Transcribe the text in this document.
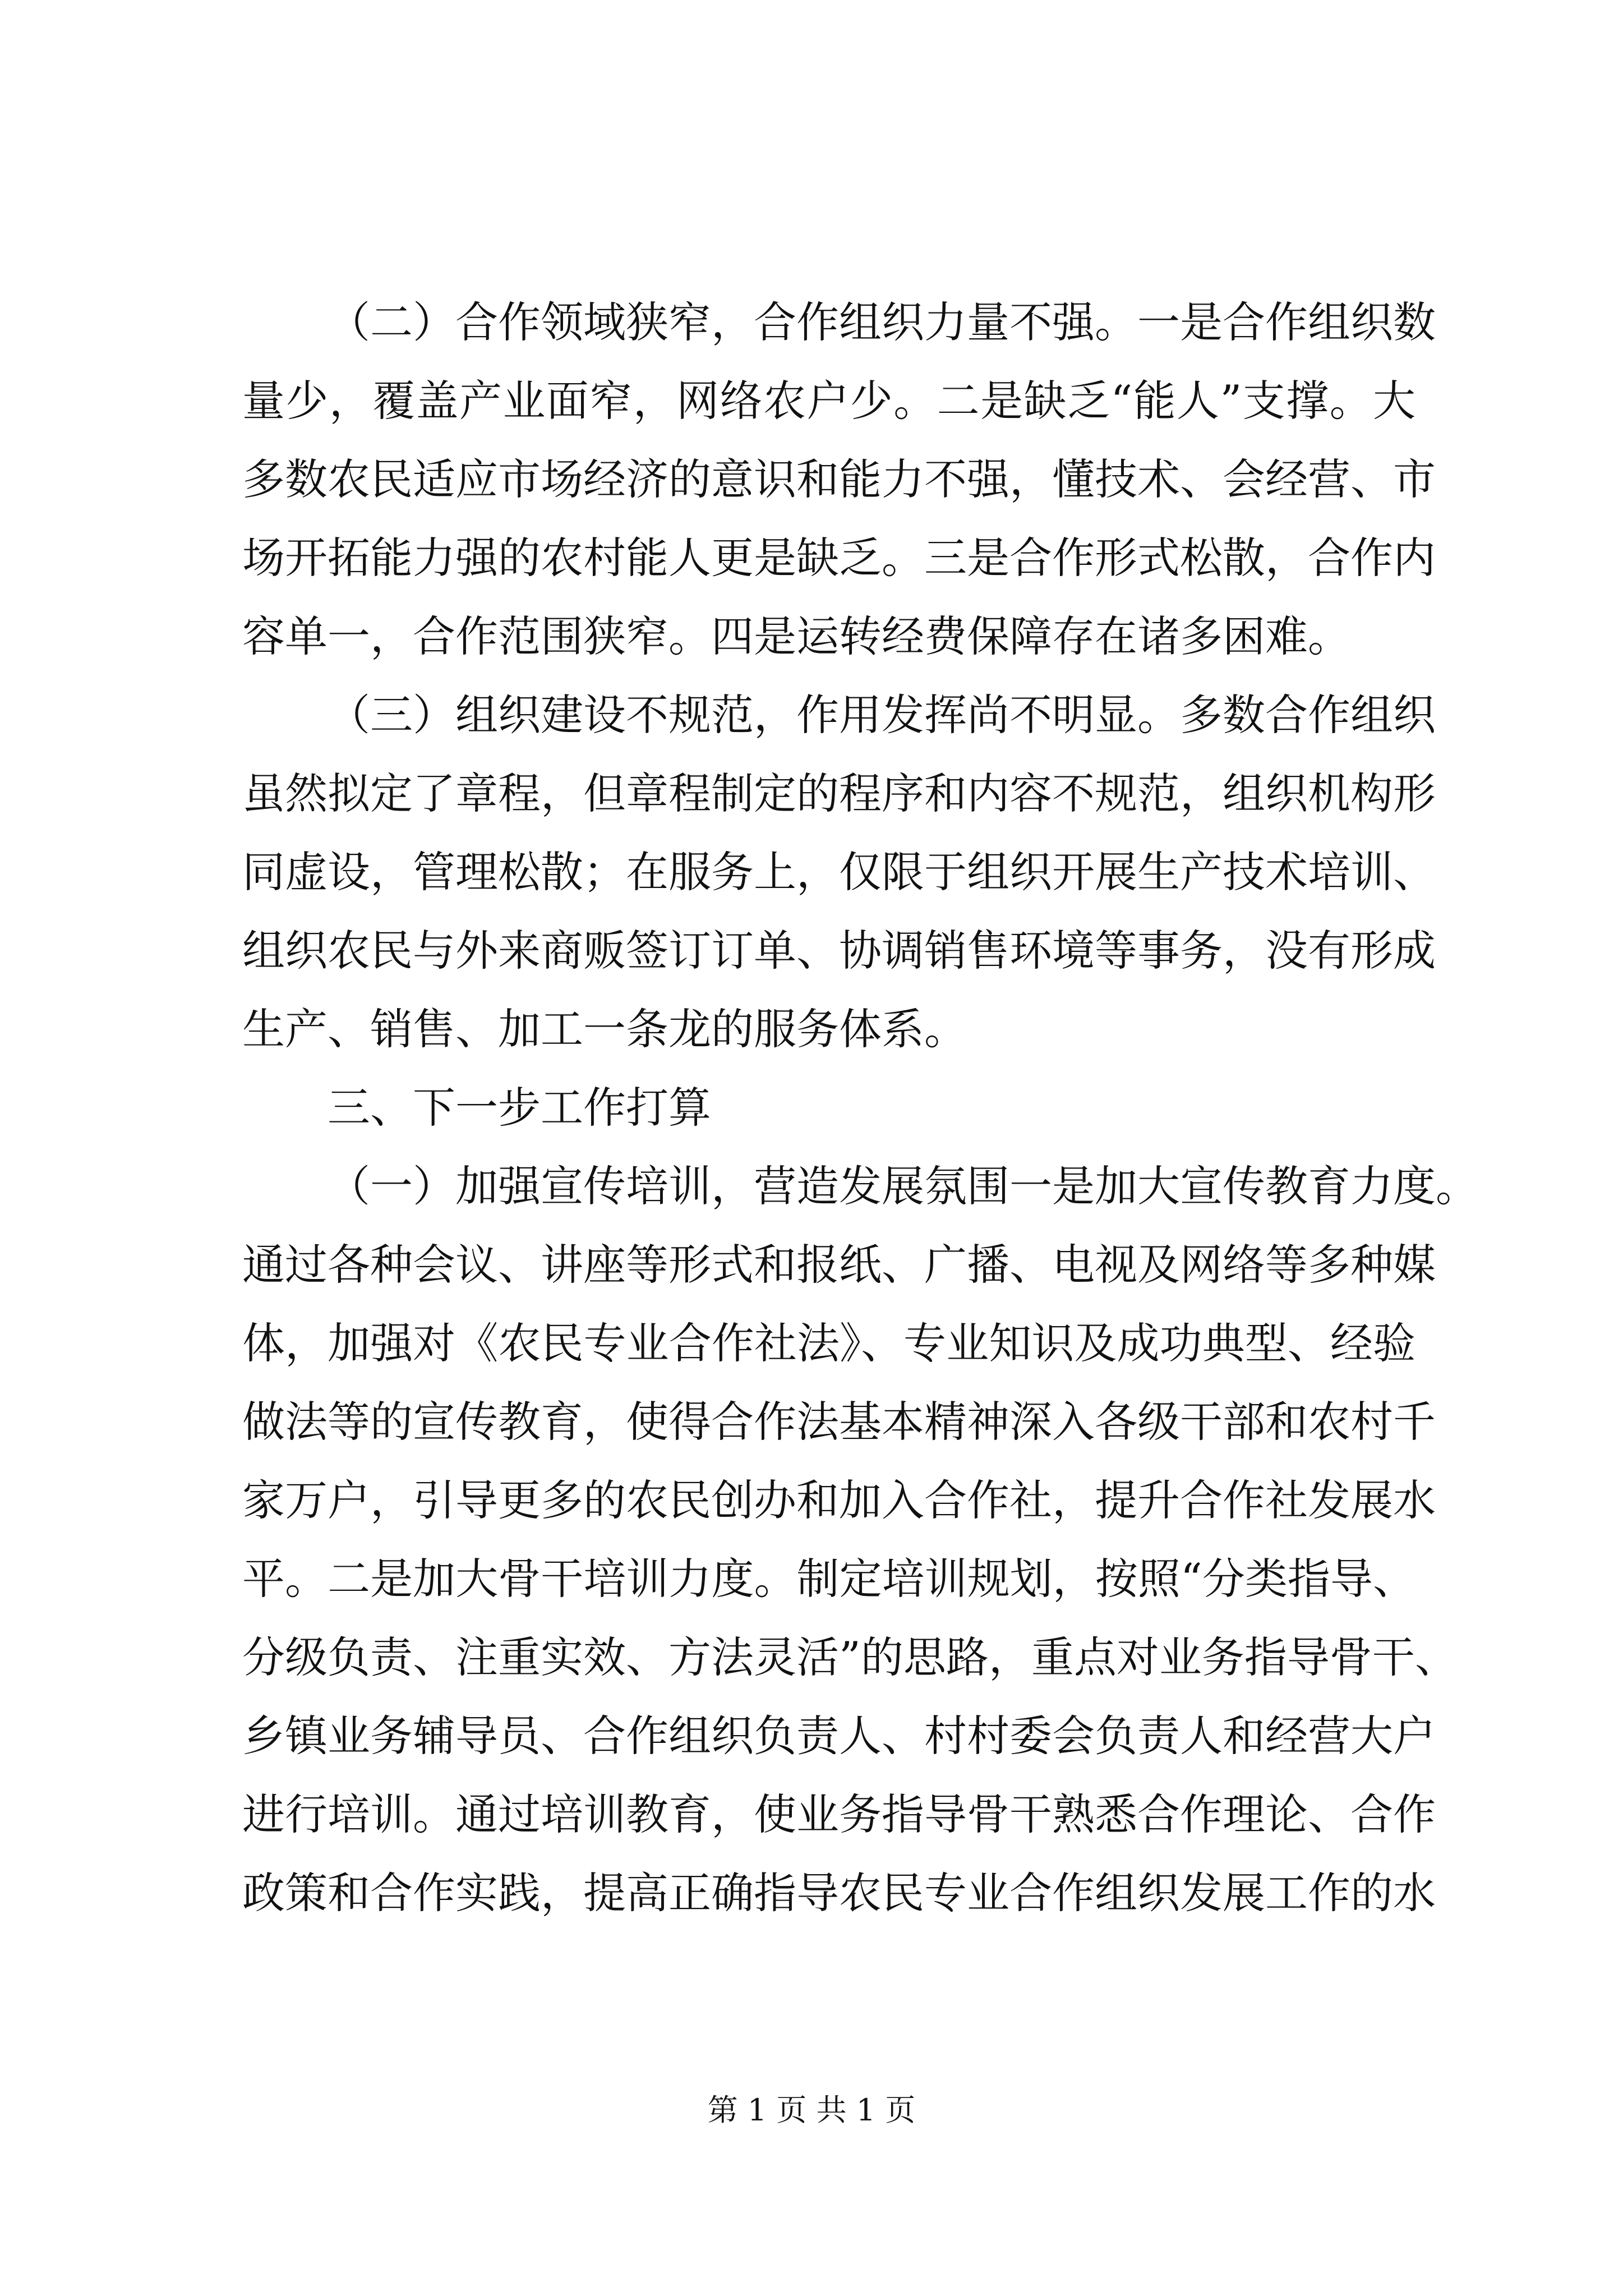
（二）合作领域狭窄，合作组织力量不强。一是合作组织数
量少，覆盖产业面窄，网络农户少。二是缺乏“能人”支撑。大
多数农民适应市场经济的意识和能力不强，懂技术、会经营、市
场开拓能力强的农村能人更是缺乏。三是合作形式松散，合作内
容单一，合作范围狭窄。四是运转经费保障存在诸多困难。
（三）组织建设不规范，作用发挥尚不明显。多数合作组织
虽然拟定了章程，但章程制定的程序和内容不规范，组织机构形
同虚设，管理松散；在服务上，仅限于组织开展生产技术培训、
组织农民与外来商贩签订订单、协调销售环境等事务，没有形成
生产、销售、加工一条龙的服务体系。
三、下一步工作打算
（一）加强宣传培训，营造发展氛围一是加大宣传教育力度。
通过各种会议、讲座等形式和报纸、广播、电视及网络等多种媒
体，加强对《农民专业合作社法》、专业知识及成功典型、经验
做法等的宣传教育，使得合作法基本精神深入各级干部和农村千
家万户，引导更多的农民创办和加入合作社，提升合作社发展水
平。二是加大骨干培训力度。制定培训规划，按照“分类指导、
分级负责、注重实效、方法灵活”的思路，重点对业务指导骨干、
乡镇业务辅导员、合作组织负责人、村村委会负责人和经营大户
进行培训。通过培训教育，使业务指导骨干熟悉合作理论、合作
政策和合作实践，提高正确指导农民专业合作组织发展工作的水
第 1 页 共 1 页
